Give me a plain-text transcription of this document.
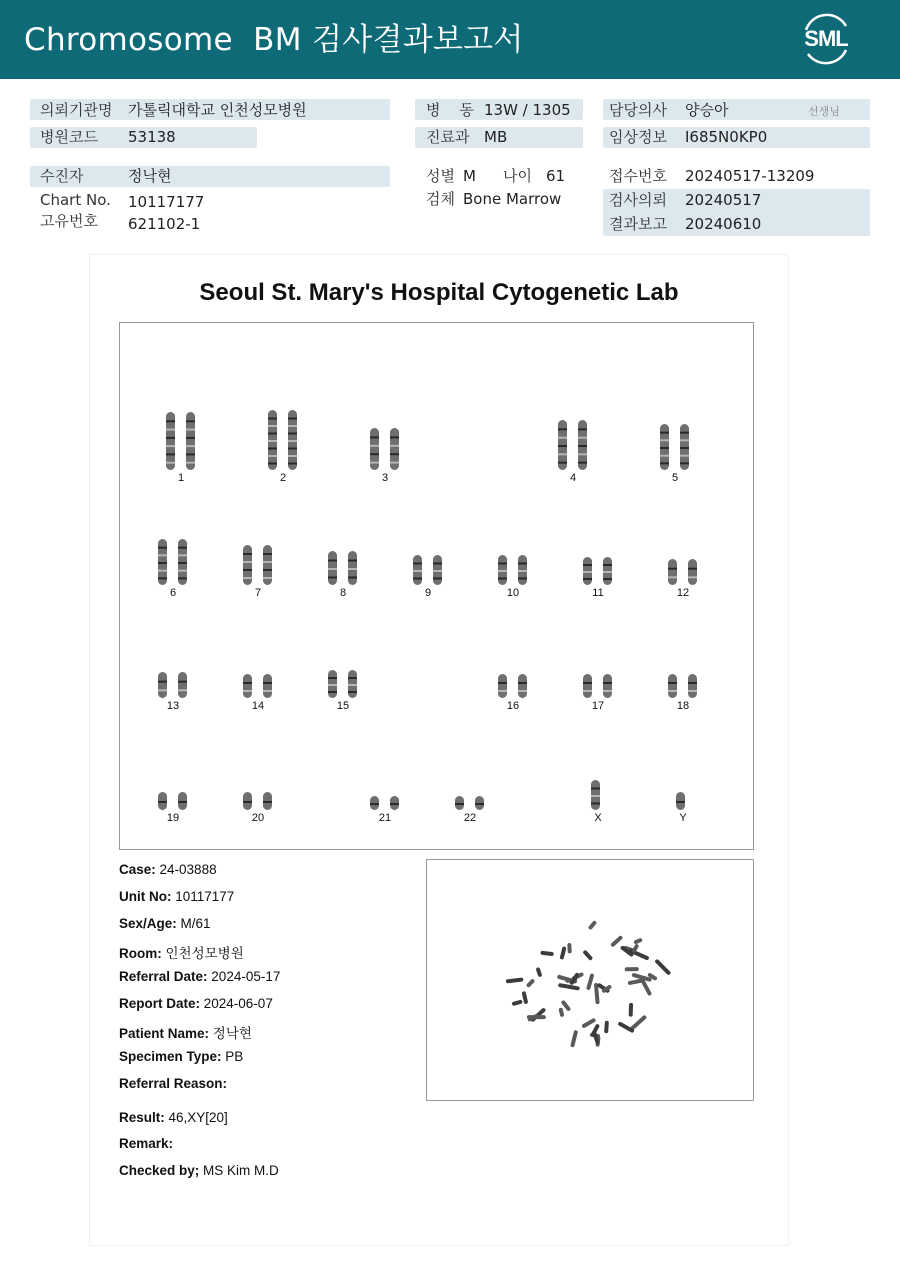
Chromosome  BM 검사결과보고서	SML
의뢰기관명 가톨릭대학교 인천성모병원
병원코드 53138
병    동 13W / 1305
진료과 MB
담당의사 양승아	선생님
임상정보 I685N0KP0
수진자	정낙현
Chart No. 10117177
고유번호 621102-1
성별 M 나이 61
검체 Bone Marrow
접수번호 20240517-13209
검사의뢰 20240517
결과보고 20240610
Seoul St. Mary's Hospital Cytogenetic Lab
1	2	3	4	5
6	7	8	9	10	11	12
13	14	15	16	17	18
19	20	21	22	X	Y
Case: 24-03888
Unit No: 10117177
Sex/Age: M/61
Room: 인천성모병원
Referral Date: 2024-05-17
Report Date: 2024-06-07
Patient Name: 정낙현
Specimen Type: PB
Referral Reason:
Result: 46,XY[20]
Remark:
Checked by; MS Kim M.D
